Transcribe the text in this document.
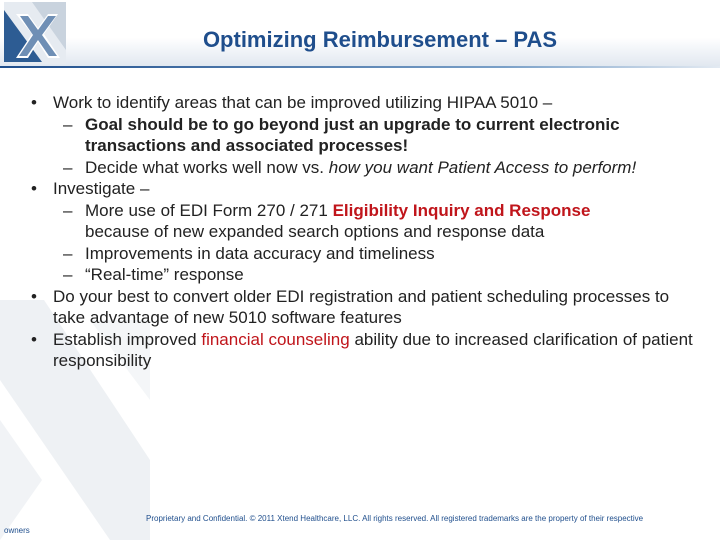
Optimizing Reimbursement – PAS
• Work to identify areas that can be improved utilizing HIPAA 5010 –
– Goal should be to go beyond just an upgrade to current electronic transactions and associated processes!
– Decide what works well now vs. how you want Patient Access to perform!
• Investigate –
– More use of EDI Form 270 / 271 Eligibility Inquiry and Response because of new expanded search options and response data
– Improvements in data accuracy and timeliness
– “Real-time” response
• Do your best to convert older EDI registration and patient scheduling processes to take advantage of new 5010 software features
• Establish improved financial counseling ability due to increased clarification of patient responsibility
Proprietary and Confidential. © 2011 Xtend Healthcare, LLC. All rights reserved. All registered trademarks are the property of their respective
owners
